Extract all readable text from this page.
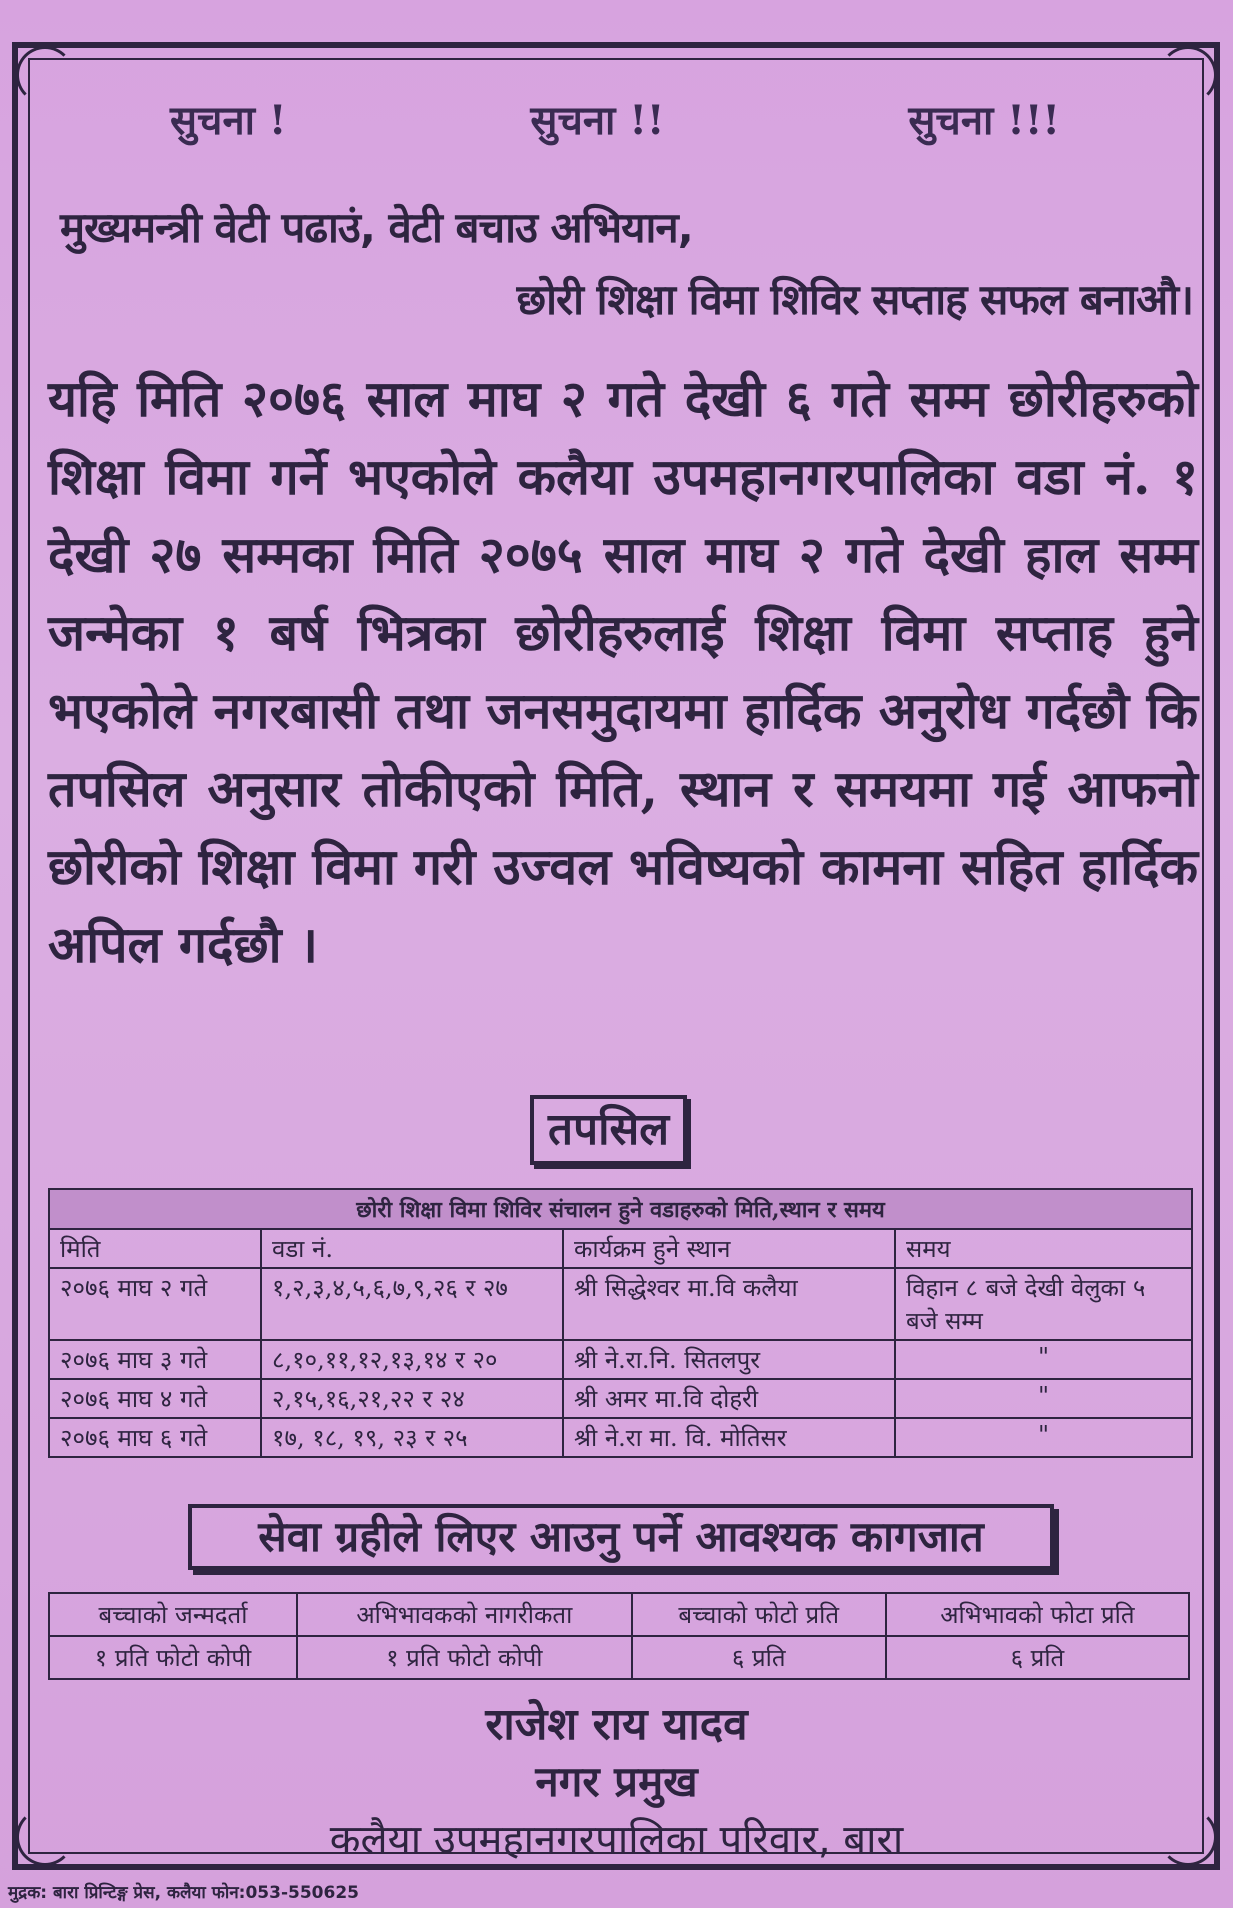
सुचना !	सुचना !!	सुचना !!!
मुख्यमन्त्री वेटी पढाउं, वेटी बचाउ अभियान,
छोरी शिक्षा विमा शिविर सप्ताह सफल बनाऔ।
यहि मिति २०७६ साल माघ २ गते देखी ६ गते सम्म छोरीहरुको शिक्षा विमा गर्ने भएकोले कलैया उपमहानगरपालिका वडा नं. १ देखी २७ सम्मका मिति २०७५ साल माघ २ गते देखी हाल सम्म जन्मेका १ बर्ष भित्रका छोरीहरुलाई शिक्षा विमा सप्ताह हुने भएकोले नगरबासी तथा जनसमुदायमा हार्दिक अनुरोध गर्दछौ कि तपसिल अनुसार तोकीएको मिति, स्थान र समयमा गई आफनो छोरीको शिक्षा विमा गरी उज्वल भविष्यको कामना सहित हार्दिक अपिल गर्दछौ ।
तपसिल
छोरी शिक्षा विमा शिविर संचालन हुने वडाहरुको मिति,स्थान र समय			
मिति	वडा नं.	कार्यक्रम हुने स्थान	समय
२०७६ माघ २ गते	१,२,३,४,५,६,७,९,२६ र २७	श्री सिद्धेश्वर मा.वि कलैया	विहान ८ बजे देखी वेलुका ५ बजे सम्म
२०७६ माघ ३ गते	८,१०,११,१२,१३,१४ र २०	श्री ने.रा.नि. सितलपुर	"
२०७६ माघ ४ गते	२,१५,१६,२१,२२ र २४	श्री अमर मा.वि दोहरी	"
२०७६ माघ ६ गते	१७, १८, १९, २३ र २५	श्री ने.रा मा. वि. मोतिसर	"
सेवा ग्रहीले लिएर आउनु पर्ने आवश्यक कागजात
बच्चाको जन्मदर्ता	अभिभावकको नागरीकता	बच्चाको फोटो प्रति	अभिभावको फोटा प्रति
१ प्रति फोटो कोपी	१ प्रति फोटो कोपी	६ प्रति	६ प्रति
राजेश राय यादव
नगर प्रमुख
कलैया उपमहानगरपालिका परिवार, बारा
मुद्रक: बारा प्रिन्टिङ्ग प्रेस, कलैया फोन:053-550625
